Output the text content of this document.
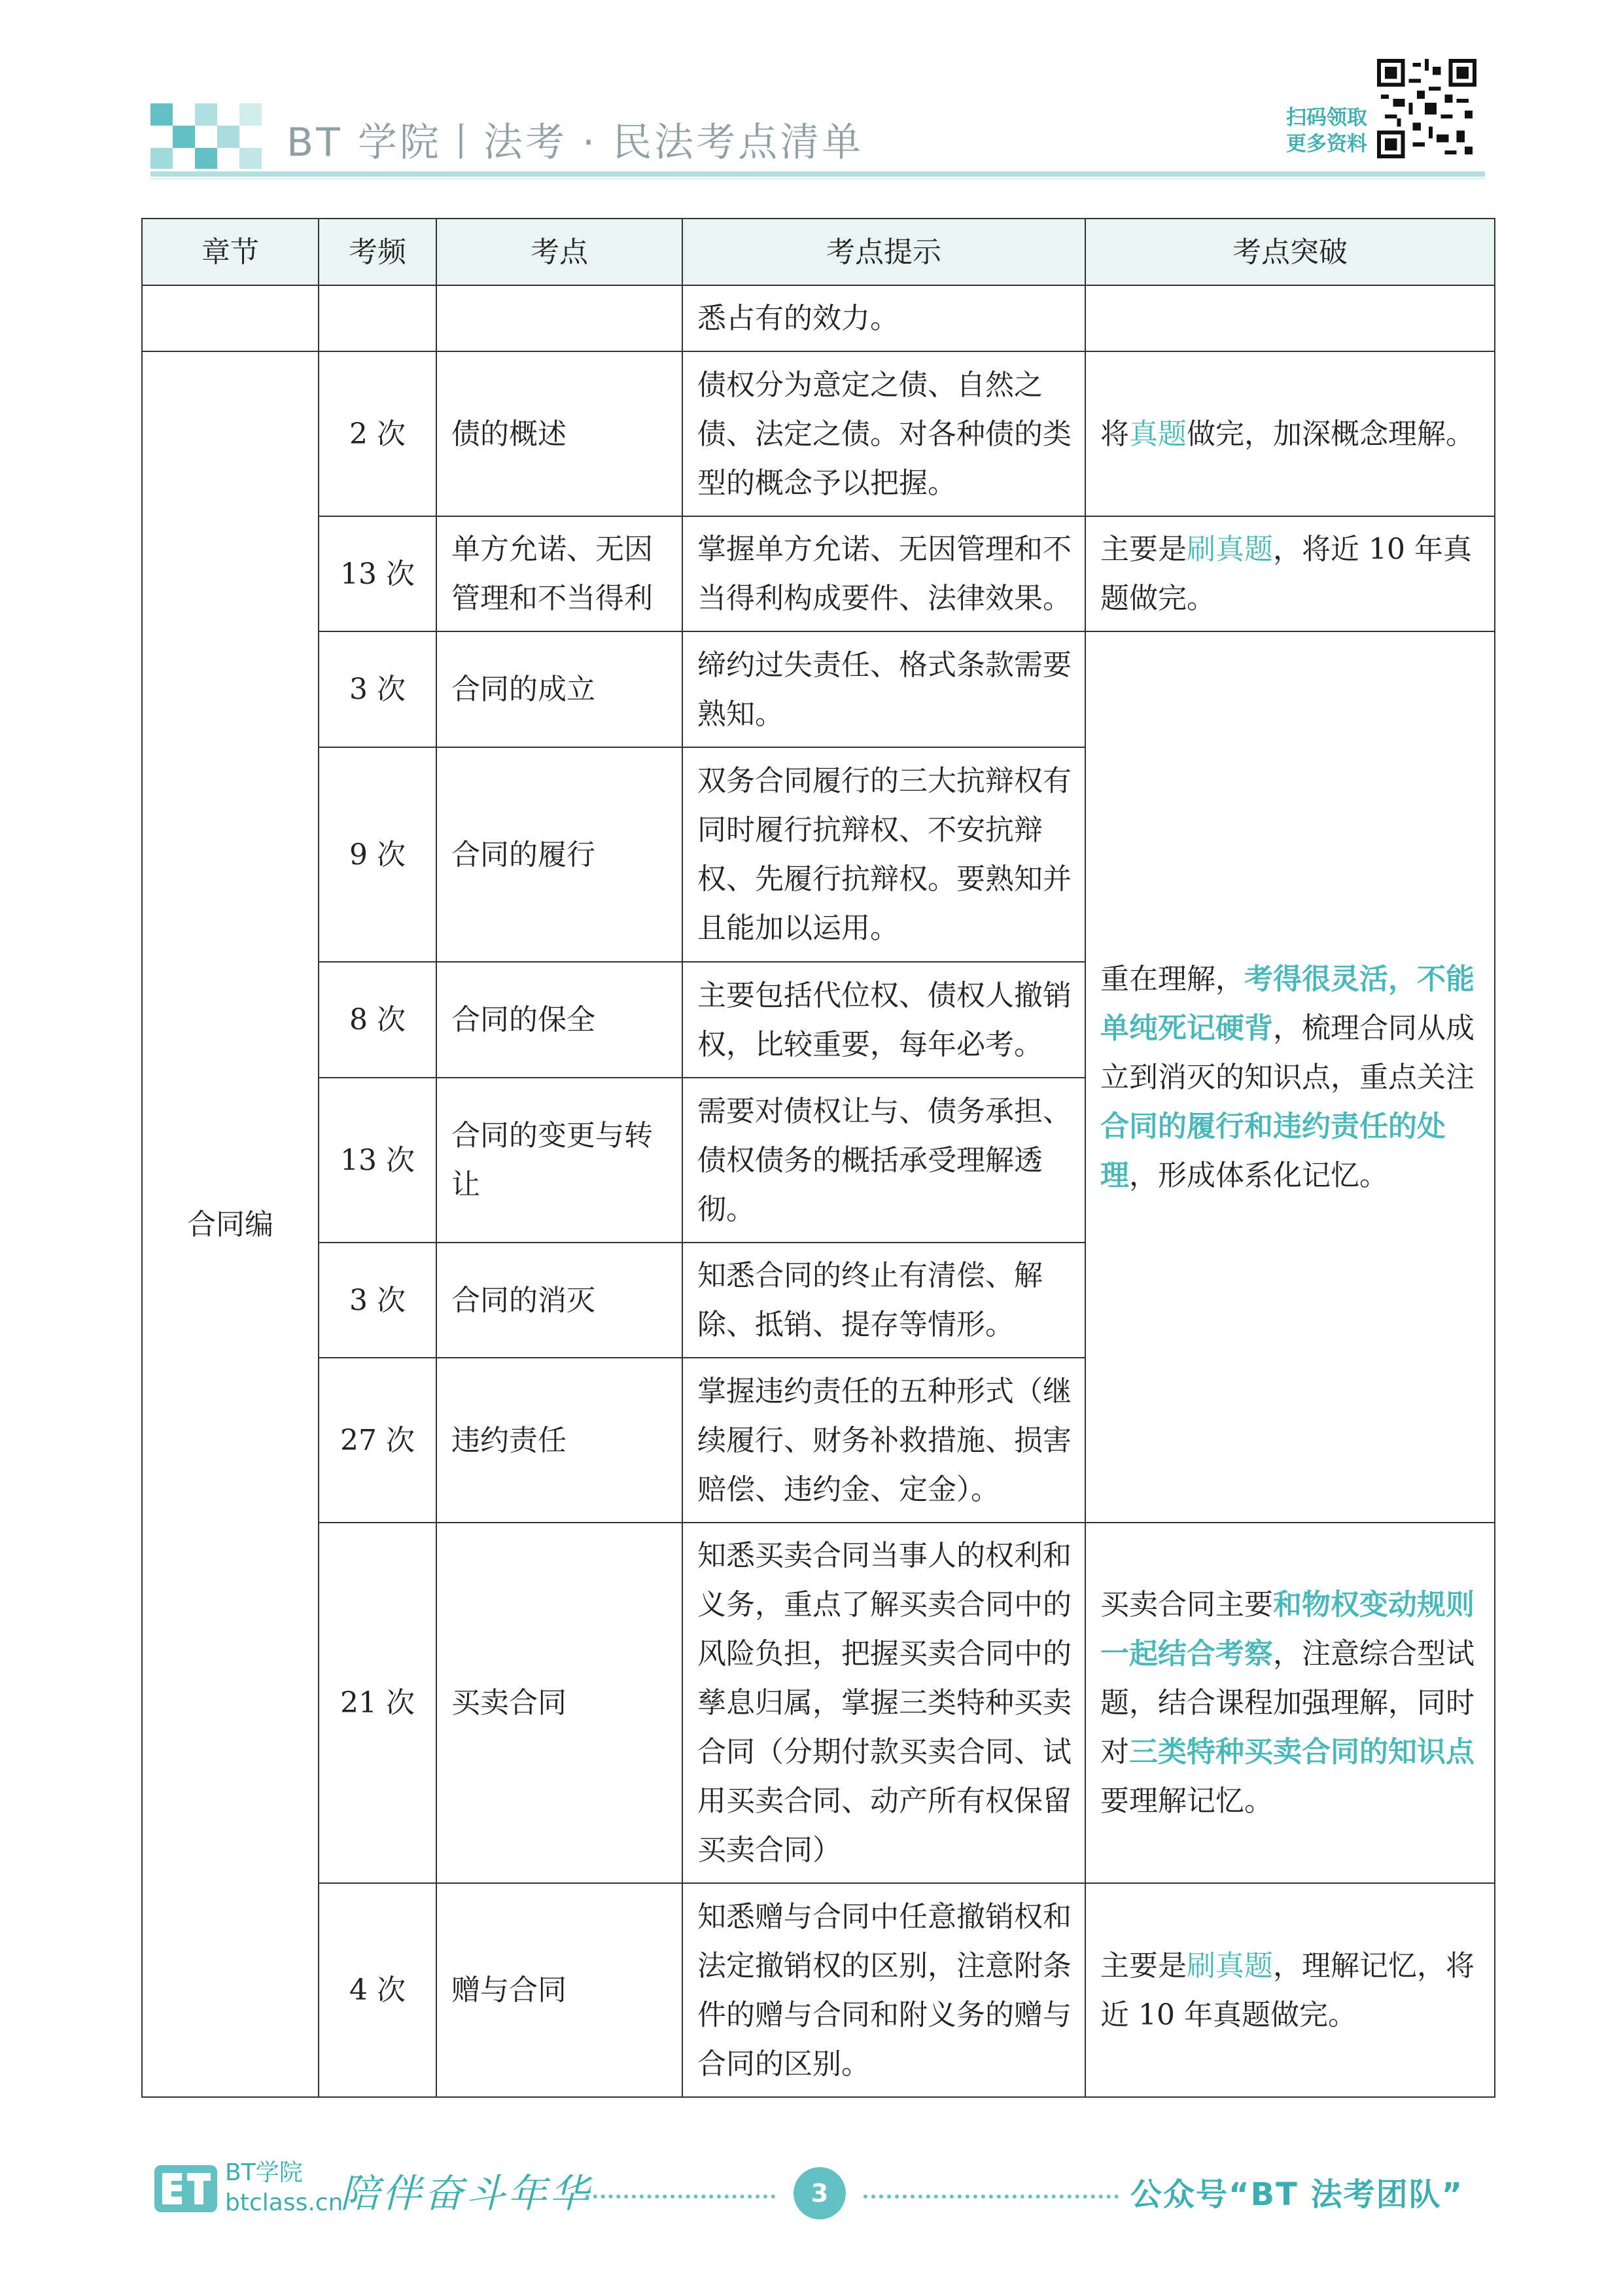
BT 学院丨法考 · 民法考点清单
扫码领取
更多资料
章节	考频	考点	考点提示	考点突破
			悉占有的效力。	
合同编	2 次	债的概述	债权分为意定之债、自然之债、法定之债。对各种债的类型的概念予以把握。	将真题做完，加深概念理解。
	13 次	单方允诺、无因管理和不当得利	掌握单方允诺、无因管理和不当得利构成要件、法律效果。	主要是刷真题，将近 10 年真题做完。
	3 次	合同的成立	缔约过失责任、格式条款需要熟知。	重在理解，考得很灵活，不能单纯死记硬背，梳理合同从成立到消灭的知识点，重点关注合同的履行和违约责任的处理，形成体系化记忆。
	9 次	合同的履行	双务合同履行的三大抗辩权有同时履行抗辩权、不安抗辩权、先履行抗辩权。要熟知并且能加以运用。	
	8 次	合同的保全	主要包括代位权、债权人撤销权，比较重要，每年必考。	
	13 次	合同的变更与转让	需要对债权让与、债务承担、债权债务的概括承受理解透彻。	
	3 次	合同的消灭	知悉合同的终止有清偿、解除、抵销、提存等情形。	
	27 次	违约责任	掌握违约责任的五种形式（继续履行、财务补救措施、损害赔偿、违约金、定金）。	
	21 次	买卖合同	知悉买卖合同当事人的权利和义务，重点了解买卖合同中的风险负担，把握买卖合同中的孳息归属，掌握三类特种买卖合同（分期付款买卖合同、试用买卖合同、动产所有权保留买卖合同）	买卖合同主要和物权变动规则一起结合考察，注意综合型试题，结合课程加强理解，同时对三类特种买卖合同的知识点要理解记忆。
	4 次	赠与合同	知悉赠与合同中任意撤销权和法定撤销权的区别，注意附条件的赠与合同和附义务的赠与合同的区别。	主要是刷真题，理解记忆，将近 10 年真题做完。
BT学院
btclass.cn
陪伴奋斗年华	3	公众号“BT 法考团队”
